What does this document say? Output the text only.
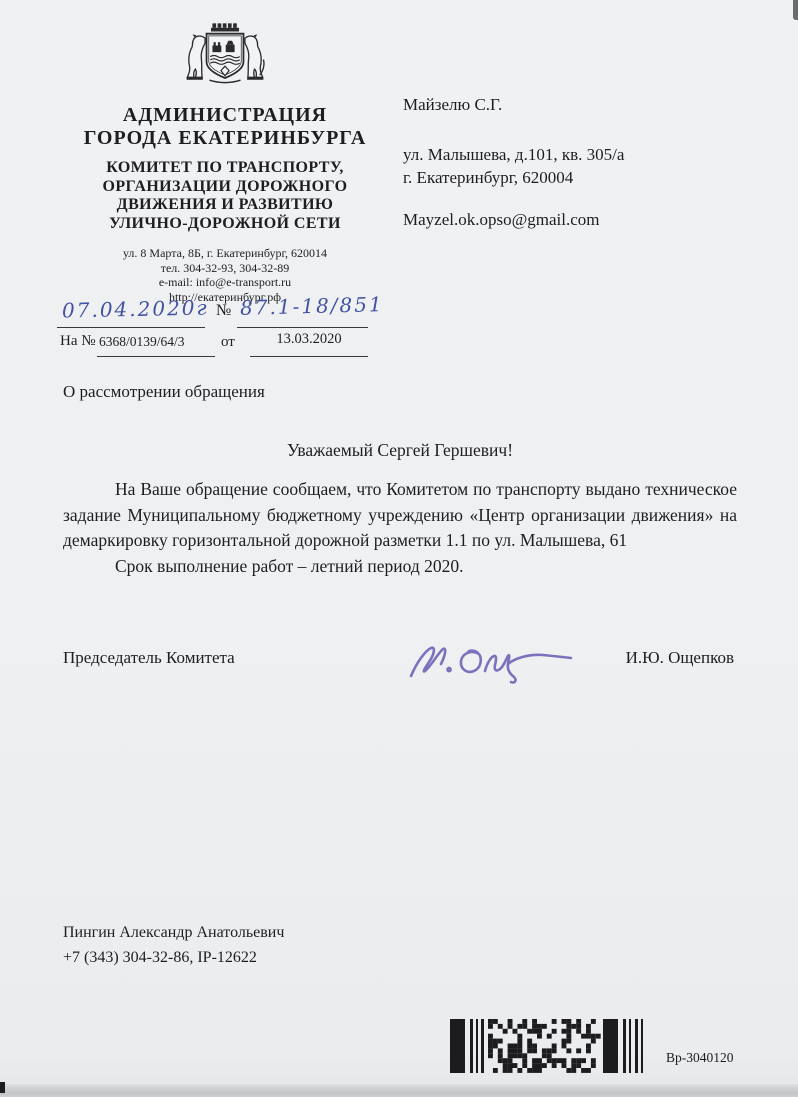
АДМИНИСТРАЦИЯ
ГОРОДА ЕКАТЕРИНБУРГА
КОМИТЕТ ПО ТРАНСПОРТУ,
ОРГАНИЗАЦИИ ДОРОЖНОГО
ДВИЖЕНИЯ И РАЗВИТИЮ
УЛИЧНО-ДОРОЖНОЙ СЕТИ
ул. 8 Марта, 8Б, г. Екатеринбург, 620014
тел. 304-32-93, 304-32-89
e-mail: info@e-transport.ru
http://екатеринбург.рф
Майзелю С.Г.
ул. Малышева, д.101, кв. 305/а
г. Екатеринбург, 620004
Mayzel.ok.opso@gmail.com
07.04.2020г № 87.1-18/851
На № 6368/0139/64/3 от	13.03.2020
О рассмотрении обращения
Уважаемый Сергей Гершевич!

На Ваше обращение сообщаем, что Комитетом по транспорту выдано техническое задание Муниципальному бюджетному учреждению «Центр организации движения» на демаркировку горизонтальной дорожной разметки 1.1 по ул. Малышева, 61

Срок выполнение работ – летний период 2020.

Председатель Комитета	И.Ю. Ощепков
Пингин Александр Анатольевич
+7 (343) 304-32-86, IP-12622
Вр-3040120
